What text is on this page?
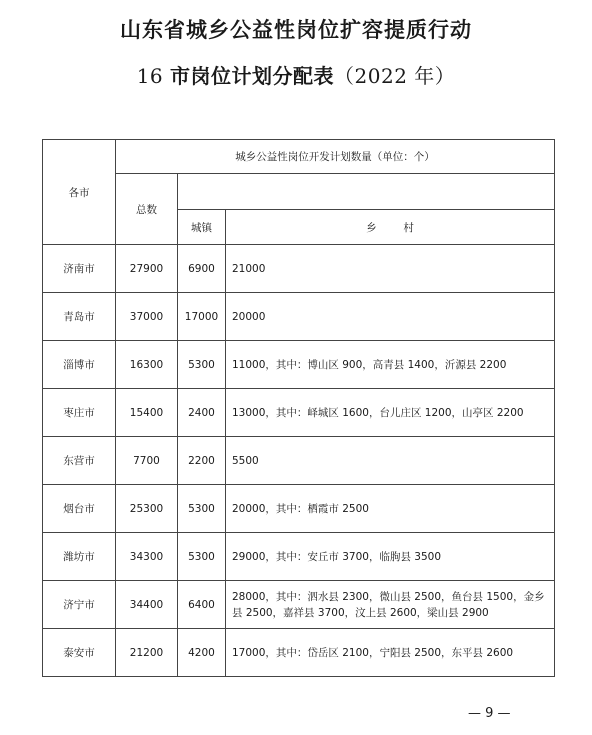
山东省城乡公益性岗位扩容提质行动
16 市岗位计划分配表（2022 年）
各市	城乡公益性岗位开发计划数量（单位：个）		
	总数		
		城镇	乡        村
济南市	27900	6900	21000
青岛市	37000	17000	20000
淄博市	16300	5300	11000，其中：博山区 900，高青县 1400，沂源县 2200
枣庄市	15400	2400	13000，其中：峄城区 1600，台儿庄区 1200，山亭区 2200
东营市	7700	2200	5500
烟台市	25300	5300	20000，其中：栖霞市 2500
潍坊市	34300	5300	29000，其中：安丘市 3700，临朐县 3500
济宁市	34400	6400	28000，其中：泗水县 2300，微山县 2500，鱼台县 1500，金乡县 2500，嘉祥县 3700，汶上县 2600，梁山县 2900
泰安市	21200	4200	17000，其中：岱岳区 2100，宁阳县 2500，东平县 2600
— 9 —
